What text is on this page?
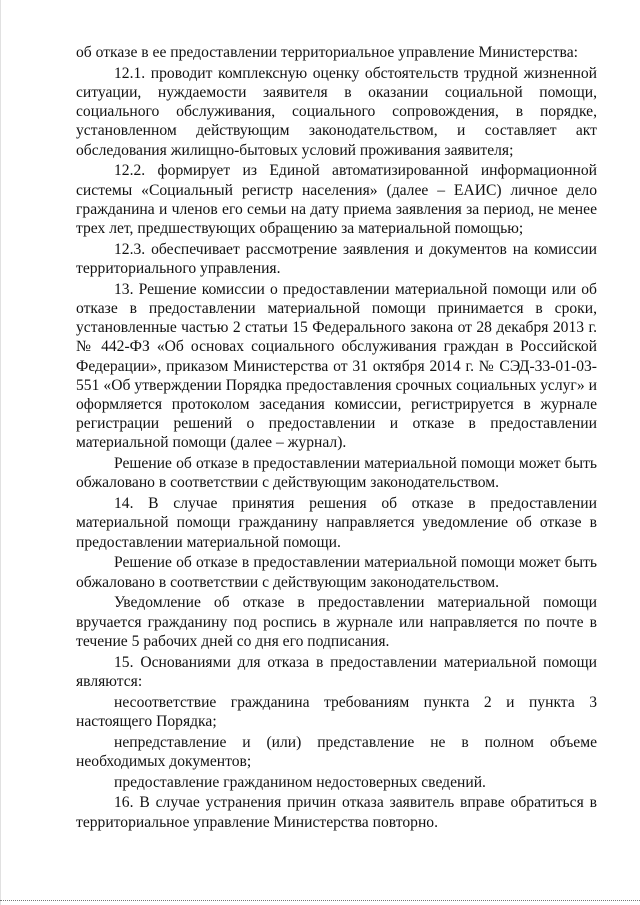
об отказе в ее предоставлении территориальное управление Министерства:

12.1. проводит комплексную оценку обстоятельств трудной жизненной ситуации, нуждаемости заявителя в оказании социальной помощи, социального обслуживания, социального сопровождения, в порядке, установленном действующим законодательством, и составляет акт обследования жилищно-бытовых условий проживания заявителя;

12.2. формирует из Единой автоматизированной информационной системы «Социальный регистр населения» (далее – ЕАИС) личное дело гражданина и членов его семьи на дату приема заявления за период, не менее трех лет, предшествующих обращению за материальной помощью;

12.3. обеспечивает рассмотрение заявления и документов на комиссии территориального управления.

13. Решение комиссии о предоставлении материальной помощи или об отказе в предоставлении материальной помощи принимается в сроки, установленные частью 2 статьи 15 Федерального закона от 28 декабря 2013 г. № 442-ФЗ «Об основах социального обслуживания граждан в Российской Федерации», приказом Министерства от 31 октября 2014 г. № СЭД-33-01-03-551 «Об утверждении Порядка предоставления срочных социальных услуг» и оформляется протоколом заседания комиссии, регистрируется в журнале регистрации решений о предоставлении и отказе в предоставлении материальной помощи (далее – журнал).

Решение об отказе в предоставлении материальной помощи может быть обжаловано в соответствии с действующим законодательством.

14. В случае принятия решения об отказе в предоставлении материальной помощи гражданину направляется уведомление об отказе в предоставлении материальной помощи.

Решение об отказе в предоставлении материальной помощи может быть обжаловано в соответствии с действующим законодательством.

Уведомление об отказе в предоставлении материальной помощи вручается гражданину под роспись в журнале или направляется по почте в течение 5 рабочих дней со дня его подписания.

15. Основаниями для отказа в предоставлении материальной помощи являются:

несоответствие гражданина требованиям пункта 2 и пункта 3 настоящего Порядка;

непредставление и (или) представление не в полном объеме необходимых документов;

предоставление гражданином недостоверных сведений.

16. В случае устранения причин отказа заявитель вправе обратиться в территориальное управление Министерства повторно.
